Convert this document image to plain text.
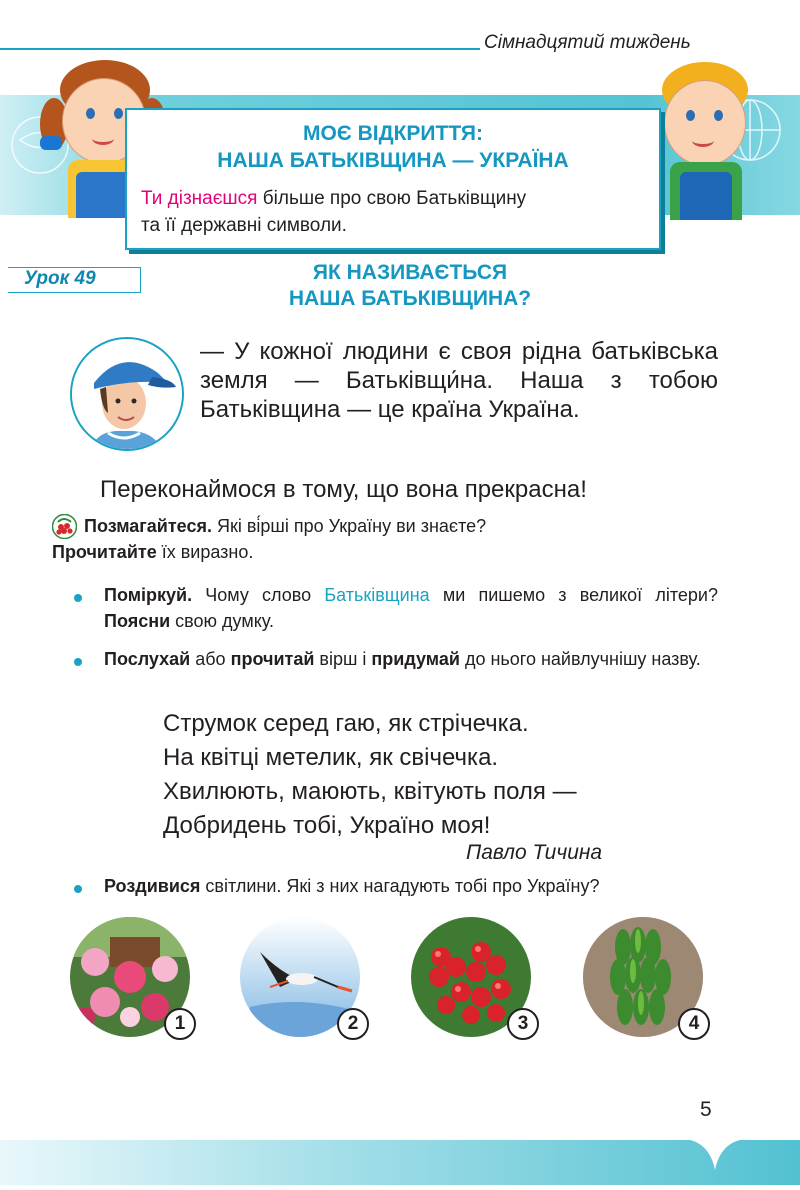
Сімнадцятий тиждень
МОЄ ВІДКРИТТЯ:
НАША БАТЬКІВЩИНА — УКРАЇНА
Ти дізнаєшся більше про свою Батьківщину
та її державні символи.
Урок 49	ЯК НАЗИВАЄТЬСЯ
НАША БАТЬКІВЩИНА?
— У кожної людини є своя рідна батьківська земля — Батьківщи́на. Наша з тобою Батьківщина — це країна Україна.
Переконаймося в тому, що вона прекрасна!
Позмагайтеся. Які ві́рші про Україну ви знаєте?
Прочитайте їх виразно.
Поміркуй. Чому слово Батьківщина ми пишемо з великої літери? Поясни свою думку.
Послухай або прочитай вірш і придумай до нього найвлучнішу назву.
Струмок серед гаю, як стрічечка.
На квітці метелик, як свічечка.
Хвилюють, маюють, квітують поля —
Добридень тобі, Україно моя!
Павло Тичина
Роздивися світлини. Які з них нагадують тобі про Україну?
1	2	3	4
5
